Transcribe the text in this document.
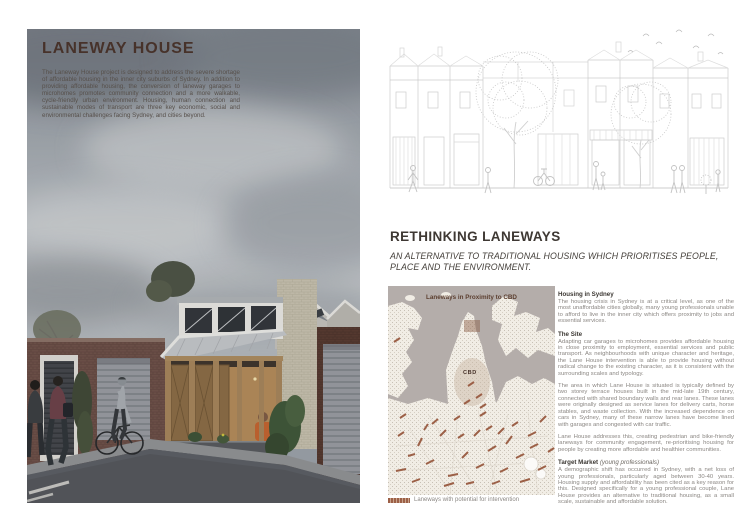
LANEWAY HOUSE

The Laneway House project is designed to address the severe shortage of affordable housing in the inner city suburbs of Sydney. In addition to providing affordable housing, the conversion of laneway garages to microhomes promotes community connection and a more walkable, cycle-friendly urban environment. Housing, human connection and sustainable modes of transport are three key economic, social and environmental challenges facing Sydney, and cities beyond.

RETHINKING LANEWAYS

AN ALTERNATIVE TO TRADITIONAL HOUSING WHICH PRIORITISES PEOPLE, PLACE AND THE ENVIRONMENT.

Laneways in Proximity to CBD
CBD
Laneways with potential for intervention
Housing in Sydney

The housing crisis in Sydney is at a critical level, as one of the most unaffordable cities globally, many young professionals unable to afford to live in the inner city which offers proximity to jobs and essential services.

The Site

Adapting car garages to microhomes provides affordable housing in close proximity to employment, essential services and public transport. As neighbourhoods with unique character and heritage, the Lane House intervention is able to provide housing without radical change to the existing character, as it is consistent with the surrounding scales and typology.

The area in which Lane House is situated is typically defined by two storey terrace houses built in the mid-late 19th century, connected with shared boundary walls and rear lanes. These lanes were originally designed as service lanes for delivery carts, horse stables, and waste collection. With the increased dependence on cars in Sydney, many of these narrow lanes have become lined with garages and congested with car traffic.

Lane House addresses this, creating pedestrian and bike-friendly laneways for community engagement, re-prioritising housing for people by creating more affordable and healthier communities.

Target Market (young professionals)

A demographic shift has occurred in Sydney, with a net loss of young professionals, particularly aged between 30-40 years. Housing supply and affordability has been cited as a key reason for this. Designed specifically for a young professional couple, Lane House provides an alternative to traditional housing, as a small scale, sustainable and affordable solution.
